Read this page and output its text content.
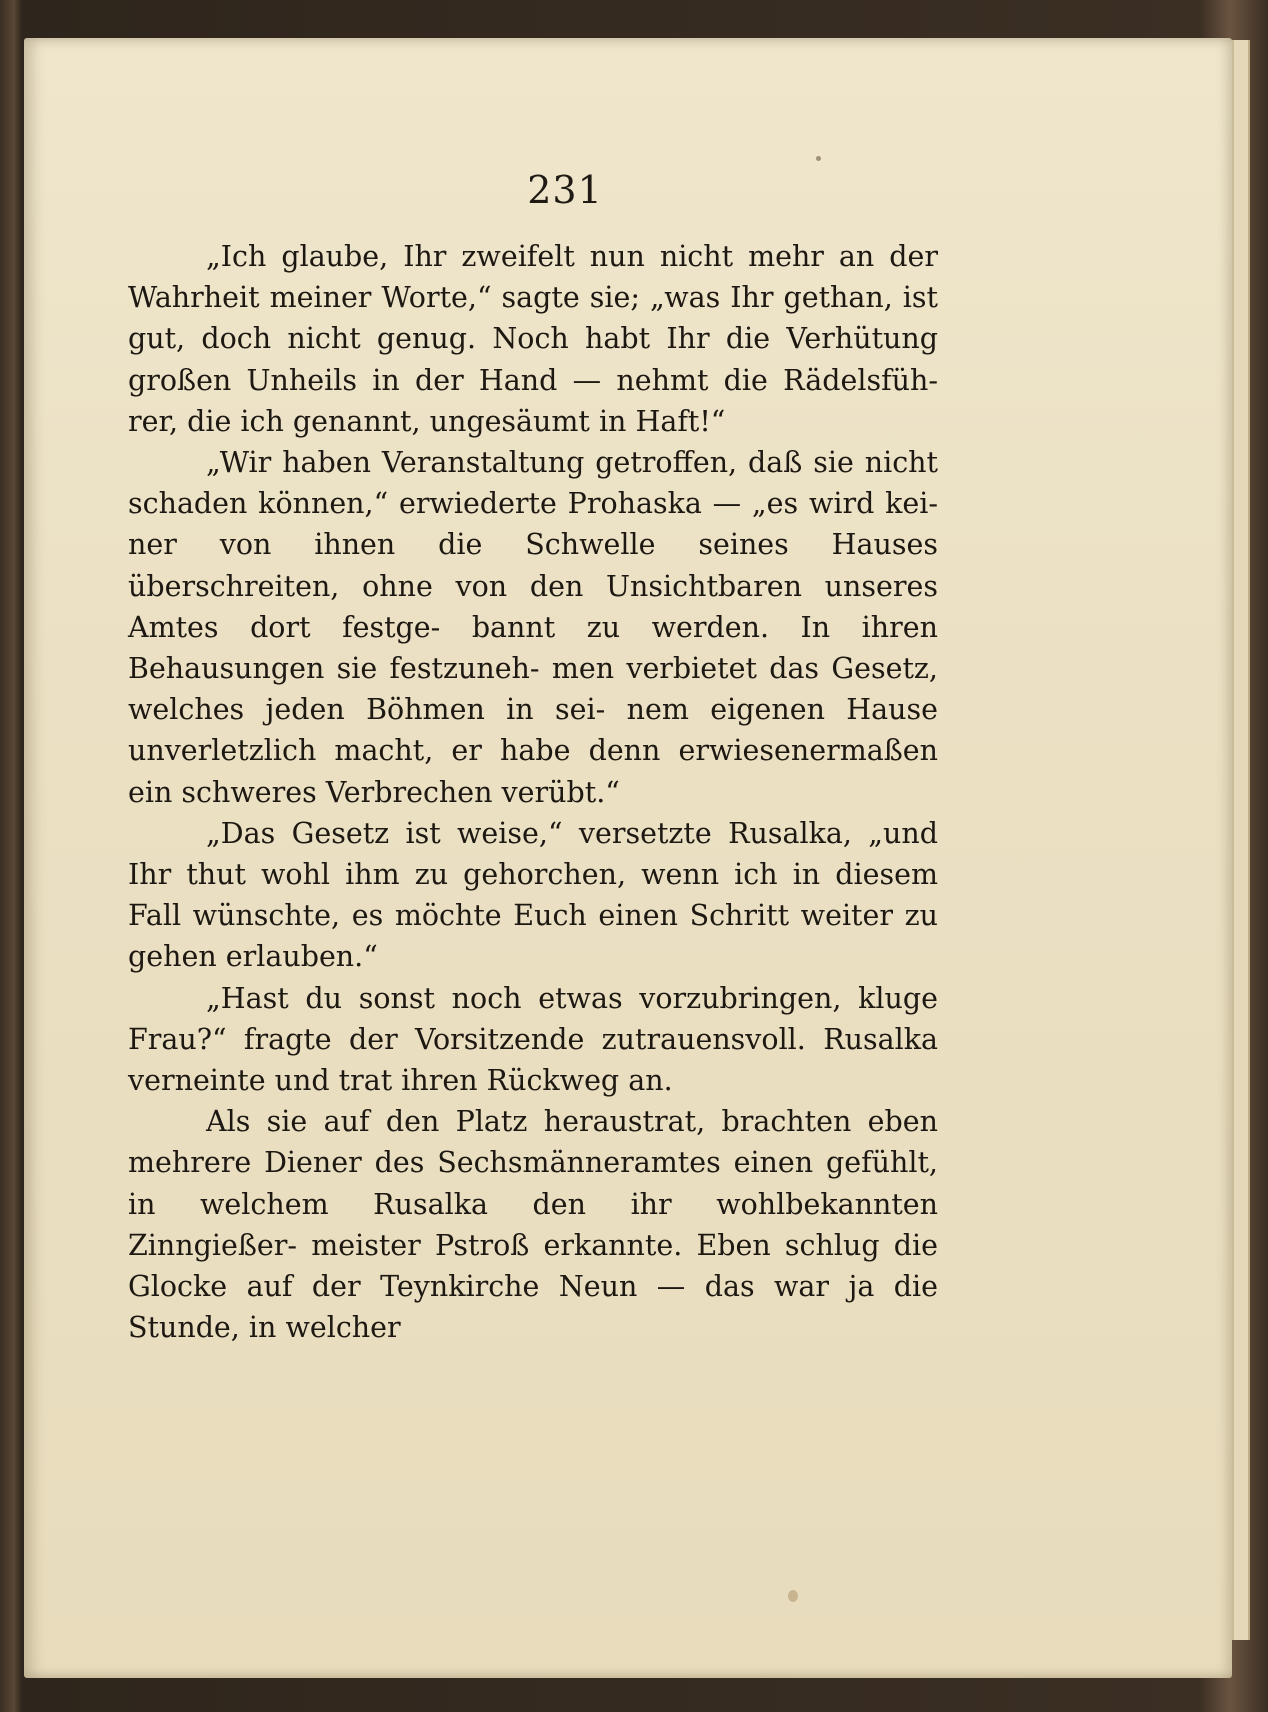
231

„Ich glaube, Ihr zweifelt nun nicht mehr an der Wahrheit meiner Worte,“ sagte sie; „was Ihr gethan, ist gut, doch nicht genug. Noch habt Ihr die Verhütung großen Unheils in der Hand — nehmt die Rädelsfüh- rer, die ich genannt, ungesäumt in Haft!“

„Wir haben Veranstaltung getroffen, daß sie nicht schaden können,“ erwiederte Prohaska — „es wird kei- ner von ihnen die Schwelle seines Hauses überschreiten, ohne von den Unsichtbaren unseres Amtes dort festge- bannt zu werden. In ihren Behausungen sie festzuneh- men verbietet das Gesetz, welches jeden Böhmen in sei- nem eigenen Hause unverletzlich macht, er habe denn erwiesenermaßen ein schweres Verbrechen verübt.“

„Das Gesetz ist weise,“ versetzte Rusalka, „und Ihr thut wohl ihm zu gehorchen, wenn ich in diesem Fall wünschte, es möchte Euch einen Schritt weiter zu gehen erlauben.“

„Hast du sonst noch etwas vorzubringen, kluge Frau?“ fragte der Vorsitzende zutrauensvoll. Rusalka verneinte und trat ihren Rückweg an.

Als sie auf den Platz heraustrat, brachten eben mehrere Diener des Sechsmänneramtes einen gefühlt, in welchem Rusalka den ihr wohlbekannten Zinngießer- meister Pstroß erkannte. Eben schlug die Glocke auf der Teynkirche Neun — das war ja die Stunde, in welcher
